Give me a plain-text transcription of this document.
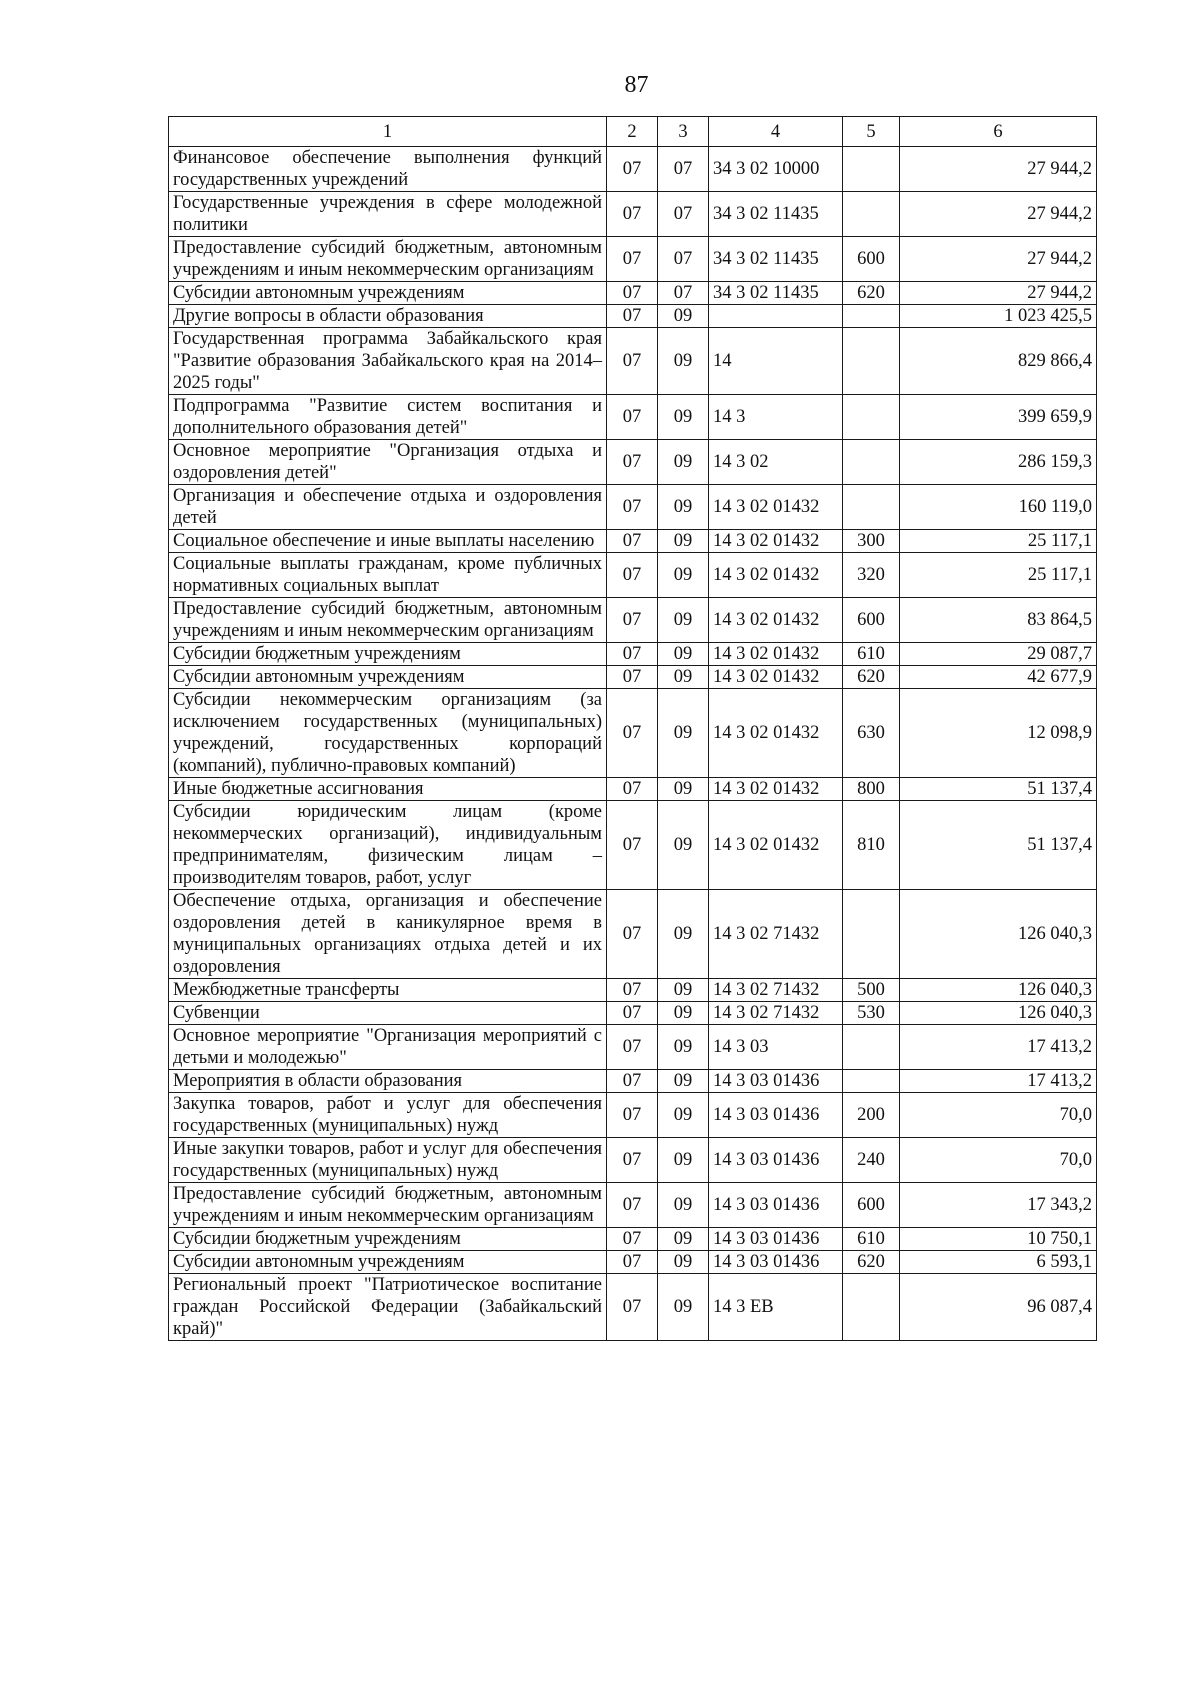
87
1	2	3	4	5	6
Финансовое обеспечение выполнения функций государственных учреждений	07	07	34 3 02 10000		27 944,2
Государственные учреждения в сфере молодежной политики	07	07	34 3 02 11435		27 944,2
Предоставление субсидий бюджетным, автономным учреждениям и иным некоммерческим организациям	07	07	34 3 02 11435	600	27 944,2
Субсидии автономным учреждениям	07	07	34 3 02 11435	620	27 944,2
Другие вопросы в области образования	07	09			1 023 425,5
Государственная программа Забайкальского края "Развитие образования Забайкальского края на 2014–2025 годы"	07	09	14		829 866,4
Подпрограмма "Развитие систем воспитания и дополнительного образования детей"	07	09	14 3		399 659,9
Основное мероприятие "Организация отдыха и оздоровления детей"	07	09	14 3 02		286 159,3
Организация и обеспечение отдыха и оздоровления детей	07	09	14 3 02 01432		160 119,0
Социальное обеспечение и иные выплаты населению	07	09	14 3 02 01432	300	25 117,1
Социальные выплаты гражданам, кроме публичных нормативных социальных выплат	07	09	14 3 02 01432	320	25 117,1
Предоставление субсидий бюджетным, автономным учреждениям и иным некоммерческим организациям	07	09	14 3 02 01432	600	83 864,5
Субсидии бюджетным учреждениям	07	09	14 3 02 01432	610	29 087,7
Субсидии автономным учреждениям	07	09	14 3 02 01432	620	42 677,9
Субсидии некоммерческим организациям (за исключением государственных (муниципальных) учреждений, государственных корпораций (компаний), публично-правовых компаний)	07	09	14 3 02 01432	630	12 098,9
Иные бюджетные ассигнования	07	09	14 3 02 01432	800	51 137,4
Субсидии юридическим лицам (кроме некоммерческих организаций), индивидуальным предпринимателям, физическим лицам – производителям товаров, работ, услуг	07	09	14 3 02 01432	810	51 137,4
Обеспечение отдыха, организация и обеспечение оздоровления детей в каникулярное время в муниципальных организациях отдыха детей и их оздоровления	07	09	14 3 02 71432		126 040,3
Межбюджетные трансферты	07	09	14 3 02 71432	500	126 040,3
Субвенции	07	09	14 3 02 71432	530	126 040,3
Основное мероприятие "Организация мероприятий с детьми и молодежью"	07	09	14 3 03		17 413,2
Мероприятия в области образования	07	09	14 3 03 01436		17 413,2
Закупка товаров, работ и услуг для обеспечения государственных (муниципальных) нужд	07	09	14 3 03 01436	200	70,0
Иные закупки товаров, работ и услуг для обеспечения государственных (муниципальных) нужд	07	09	14 3 03 01436	240	70,0
Предоставление субсидий бюджетным, автономным учреждениям и иным некоммерческим организациям	07	09	14 3 03 01436	600	17 343,2
Субсидии бюджетным учреждениям	07	09	14 3 03 01436	610	10 750,1
Субсидии автономным учреждениям	07	09	14 3 03 01436	620	6 593,1
Региональный проект "Патриотическое воспитание граждан Российской Федерации (Забайкальский край)"	07	09	14 3 EB		96 087,4
